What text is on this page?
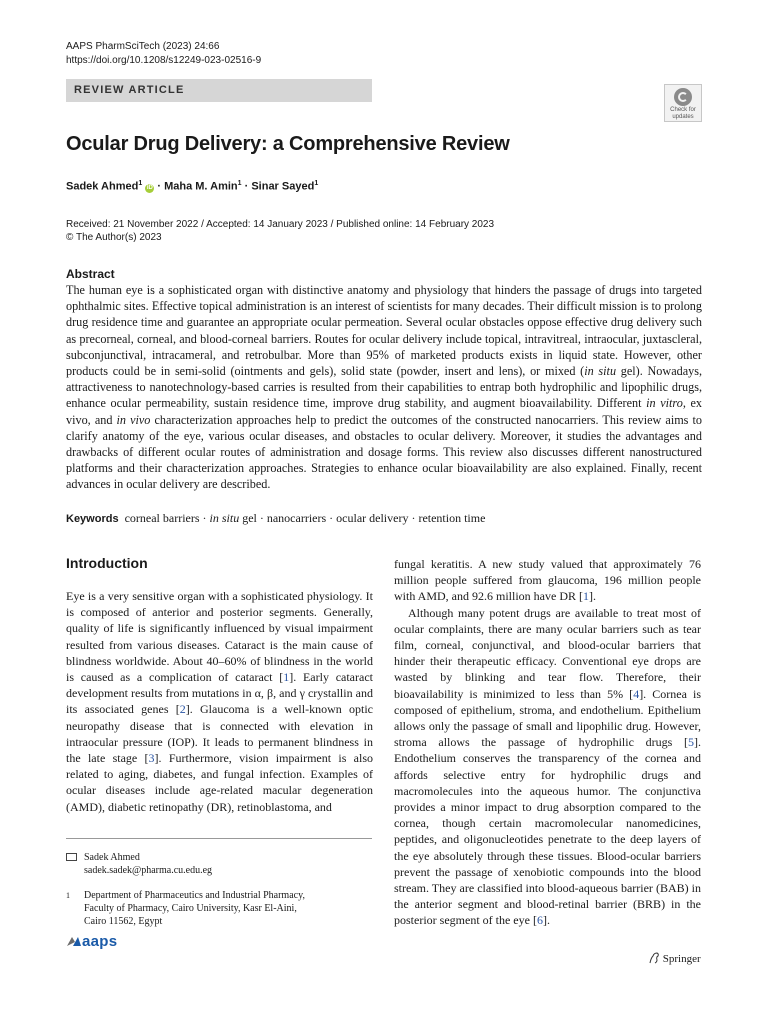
AAPS PharmSciTech (2023) 24:66
https://doi.org/10.1208/s12249-023-02516-9
REVIEW ARTICLE
Check for
updates
Ocular Drug Delivery: a Comprehensive Review
Sadek Ahmed$^1$ iD · Maha M. Amin$^1$ · Sinar Sayed$^1$
Received: 21 November 2022 / Accepted: 14 January 2023 / Published online: 14 February 2023
© The Author(s) 2023
Abstract

The human eye is a sophisticated organ with distinctive anatomy and physiology that hinders the passage of drugs into targeted ophthalmic sites. Effective topical administration is an interest of scientists for many decades. Their difficult mission is to prolong drug residence time and guarantee an appropriate ocular permeation. Several ocular obstacles oppose effective drug delivery such as precorneal, corneal, and blood-corneal barriers. Routes for ocular delivery include topical, intravitreal, intraocular, juxtascleral, subconjunctival, intracameral, and retrobulbar. More than 95% of marketed products exists in liquid state. However, other products could be in semi-solid (ointments and gels), solid state (powder, insert and lens), or mixed (in situ gel). Nowadays, attractiveness to nanotechnology-based carries is resulted from their capabilities to entrap both hydrophilic and lipophilic drugs, enhance ocular permeability, sustain residence time, improve drug stability, and augment bioavailability. Different in vitro, ex vivo, and in vivo characterization approaches help to predict the outcomes of the constructed nanocarriers. This review aims to clarify anatomy of the eye, various ocular diseases, and obstacles to ocular delivery. Moreover, it studies the advantages and drawbacks of different ocular routes of administration and dosage forms. This review also discusses different nanostructured platforms and their characterization approaches. Strategies to enhance ocular bioavailability are also explained. Finally, recent advances in ocular delivery are described.

Keywords corneal barriers · in situ gel · nanocarriers · ocular delivery · retention time
Introduction

Eye is a very sensitive organ with a sophisticated physiology. It is composed of anterior and posterior segments. Generally, quality of life is significantly influenced by visual impairment resulted from various diseases. Cataract is the main cause of blindness worldwide. About 40–60% of blindness in the world is caused as a complication of cataract [1]. Early cataract development results from mutations in α, β, and γ crystallin and its associated genes [2]. Glaucoma is a well-known optic neuropathy disease that is connected with elevation in intraocular pressure (IOP). It leads to permanent blindness in the late stage [3]. Furthermore, vision impairment is also related to aging, diabetes, and fungal infection. Examples of ocular diseases include age-related macular degeneration (AMD), diabetic retinopathy (DR), retinoblastoma, and

fungal keratitis. A new study valued that approximately 76 million people suffered from glaucoma, 196 million people with AMD, and 92.6 million have DR [1].

Although many potent drugs are available to treat most of ocular complaints, there are many ocular barriers such as tear film, corneal, conjunctival, and blood-ocular barriers that hinder their therapeutic efficacy. Conventional eye drops are wasted by blinking and tear flow. Therefore, their bioavailability is minimized to less than 5% [4]. Cornea is composed of epithelium, stroma, and endothelium. Epithelium allows only the passage of small and lipophilic drug. However, stroma allows the passage of hydrophilic drugs [5]. Endothelium conserves the transparency of the cornea and affords selective entry for hydrophilic drugs and macromolecules into the aqueous humor. The conjunctiva provides a minor impact to drug absorption compared to the cornea, though certain macromolecular nanomedicines, peptides, and oligonucleotides penetrate to the deep layers of the eye absolutely through these tissues. Blood-ocular barriers prevent the passage of xenobiotic compounds into the blood stream. They are classified into blood-aqueous barrier (BAB) in the anterior segment and blood-retinal barrier (BRB) in the posterior segment of the eye [6].

Sadek Ahmed
sadek.sadek@pharma.cu.edu.eg
1	Department of Pharmaceutics and Industrial Pharmacy,
Faculty of Pharmacy, Cairo University, Kasr El-Aini,
Cairo 11562, Egypt
aaps
Springer
